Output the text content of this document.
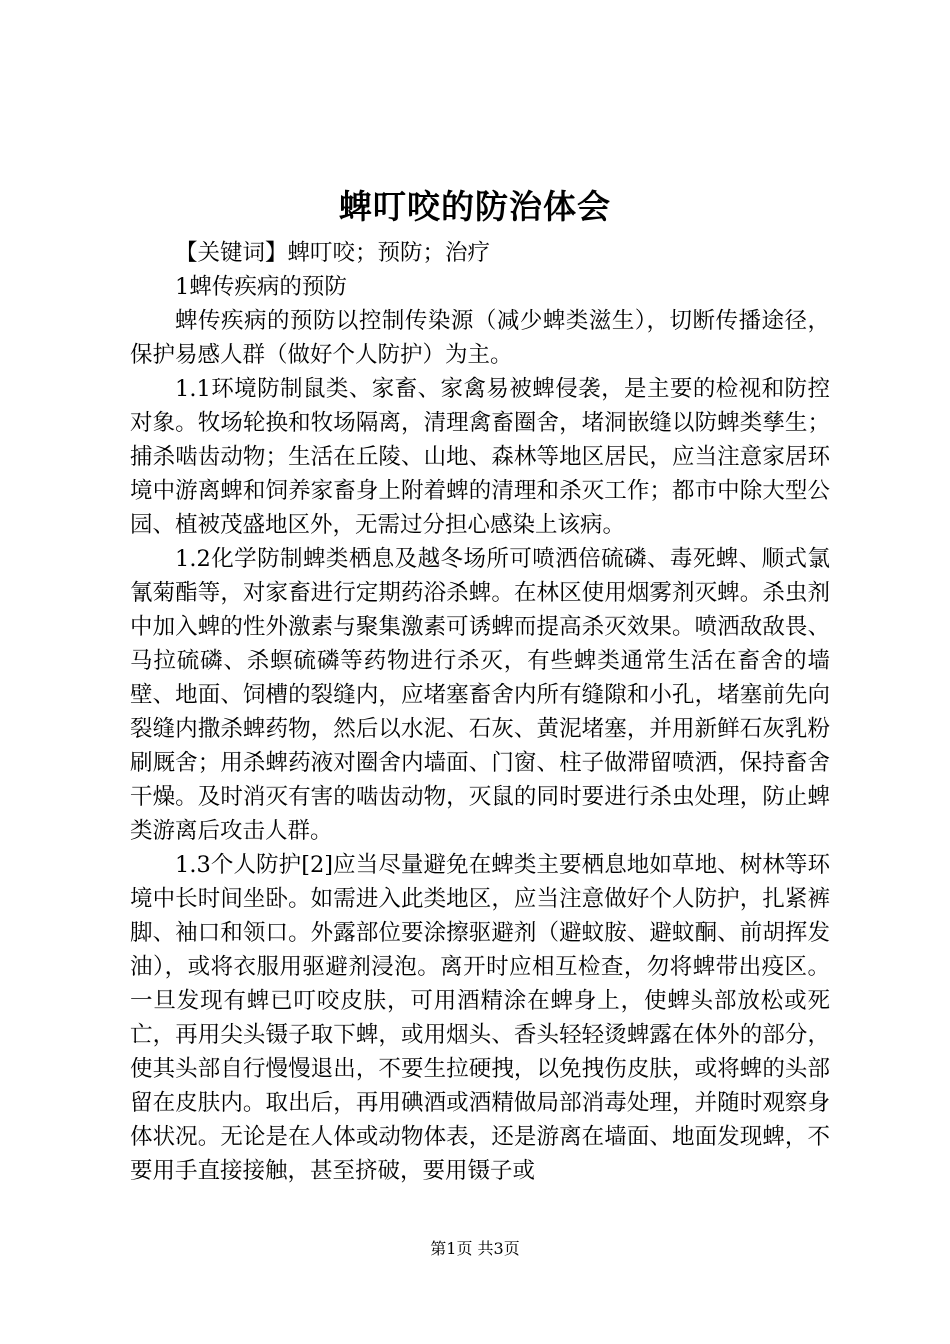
蜱叮咬的防治体会

【关键词】蜱叮咬；预防；治疗

1蜱传疾病的预防

蜱传疾病的预防以控制传染源（减少蜱类滋生），切断传播途径，保护易感人群（做好个人防护）为主。

1.1环境防制鼠类、家畜、家禽易被蜱侵袭，是主要的检视和防控对象。牧场轮换和牧场隔离，清理禽畜圈舍，堵洞嵌缝以防蜱类孳生；捕杀啮齿动物；生活在丘陵、山地、森林等地区居民，应当注意家居环境中游离蜱和饲养家畜身上附着蜱的清理和杀灭工作；都市中除大型公园、植被茂盛地区外，无需过分担心感染上该病。

1.2化学防制蜱类栖息及越冬场所可喷洒倍硫磷、毒死蜱、顺式氯氰菊酯等，对家畜进行定期药浴杀蜱。在林区使用烟雾剂灭蜱。杀虫剂中加入蜱的性外激素与聚集激素可诱蜱而提高杀灭效果。喷洒敌敌畏、马拉硫磷、杀螟硫磷等药物进行杀灭，有些蜱类通常生活在畜舍的墙壁、地面、饲槽的裂缝内，应堵塞畜舍内所有缝隙和小孔，堵塞前先向裂缝内撒杀蜱药物，然后以水泥、石灰、黄泥堵塞，并用新鲜石灰乳粉刷厩舍；用杀蜱药液对圈舍内墙面、门窗、柱子做滞留喷洒，保持畜舍干燥。及时消灭有害的啮齿动物，灭鼠的同时要进行杀虫处理，防止蜱类游离后攻击人群。

1.3个人防护[2]应当尽量避免在蜱类主要栖息地如草地、树林等环境中长时间坐卧。如需进入此类地区，应当注意做好个人防护，扎紧裤脚、袖口和领口。外露部位要涂擦驱避剂（避蚊胺、避蚊酮、前胡挥发油），或将衣服用驱避剂浸泡。离开时应相互检查，勿将蜱带出疫区。一旦发现有蜱已叮咬皮肤，可用酒精涂在蜱身上，使蜱头部放松或死亡，再用尖头镊子取下蜱，或用烟头、香头轻轻烫蜱露在体外的部分，使其头部自行慢慢退出，不要生拉硬拽，以免拽伤皮肤，或将蜱的头部留在皮肤内。取出后，再用碘酒或酒精做局部消毒处理，并随时观察身体状况。无论是在人体或动物体表，还是游离在墙面、地面发现蜱，不要用手直接接触，甚至挤破，要用镊子或

第1页 共3页
